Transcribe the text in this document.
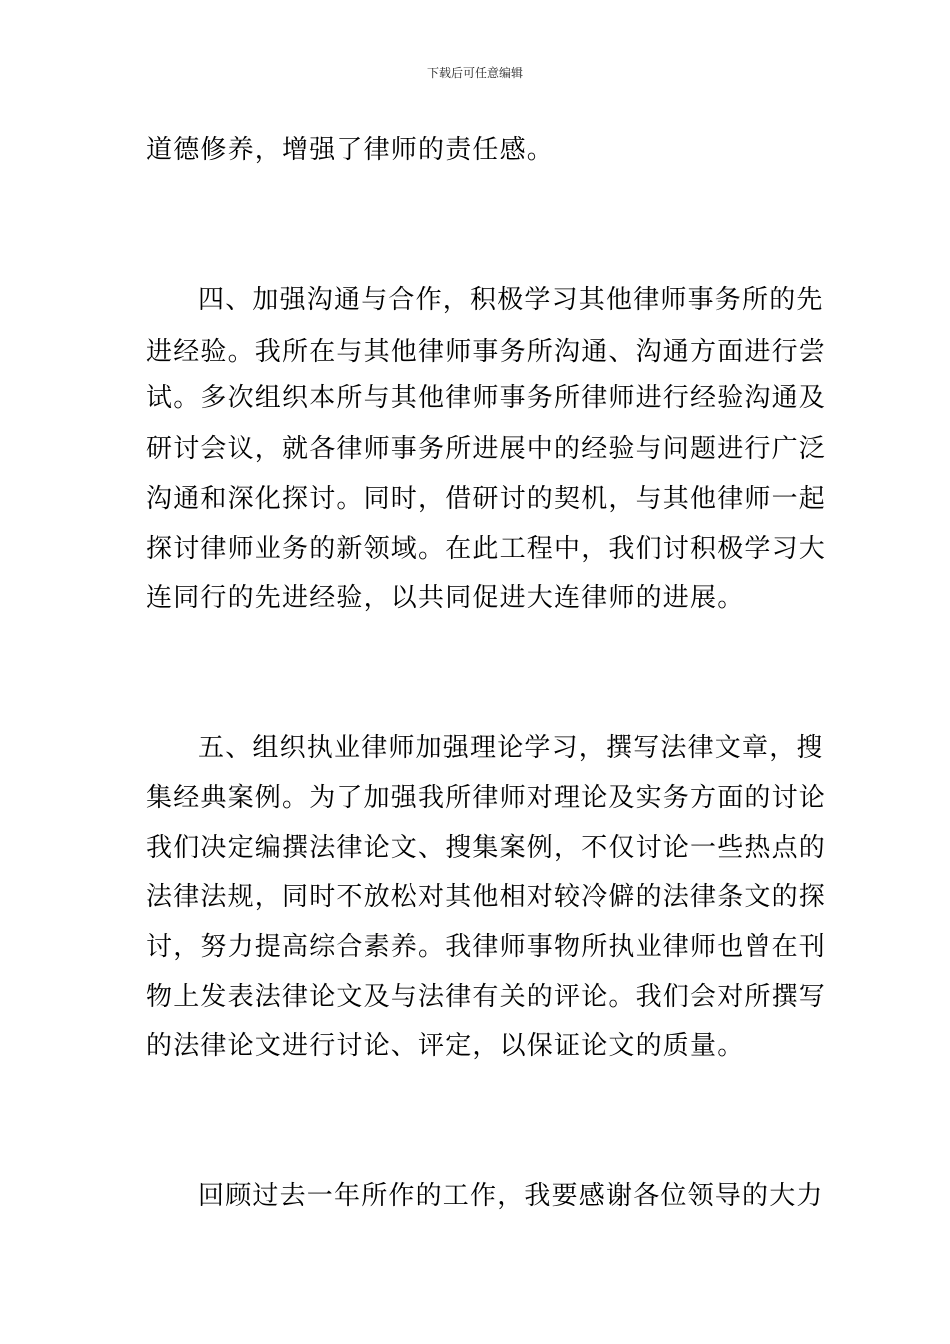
下载后可任意编辑
道德修养，增强了律师的责任感。
四、加强沟通与合作，积极学习其他律师事务所的先
进经验。我所在与其他律师事务所沟通、沟通方面进行尝
试。多次组织本所与其他律师事务所律师进行经验沟通及
研讨会议，就各律师事务所进展中的经验与问题进行广泛
沟通和深化探讨。同时，借研讨的契机，与其他律师一起
探讨律师业务的新领域。在此工程中，我们讨积极学习大
连同行的先进经验，以共同促进大连律师的进展。
五、组织执业律师加强理论学习，撰写法律文章，搜
集经典案例。为了加强我所律师对理论及实务方面的讨论
我们决定编撰法律论文、搜集案例，不仅讨论一些热点的
法律法规，同时不放松对其他相对较冷僻的法律条文的探
讨，努力提高综合素养。我律师事物所执业律师也曾在刊
物上发表法律论文及与法律有关的评论。我们会对所撰写
的法律论文进行讨论、评定，以保证论文的质量。
回顾过去一年所作的工作，我要感谢各位领导的大力
